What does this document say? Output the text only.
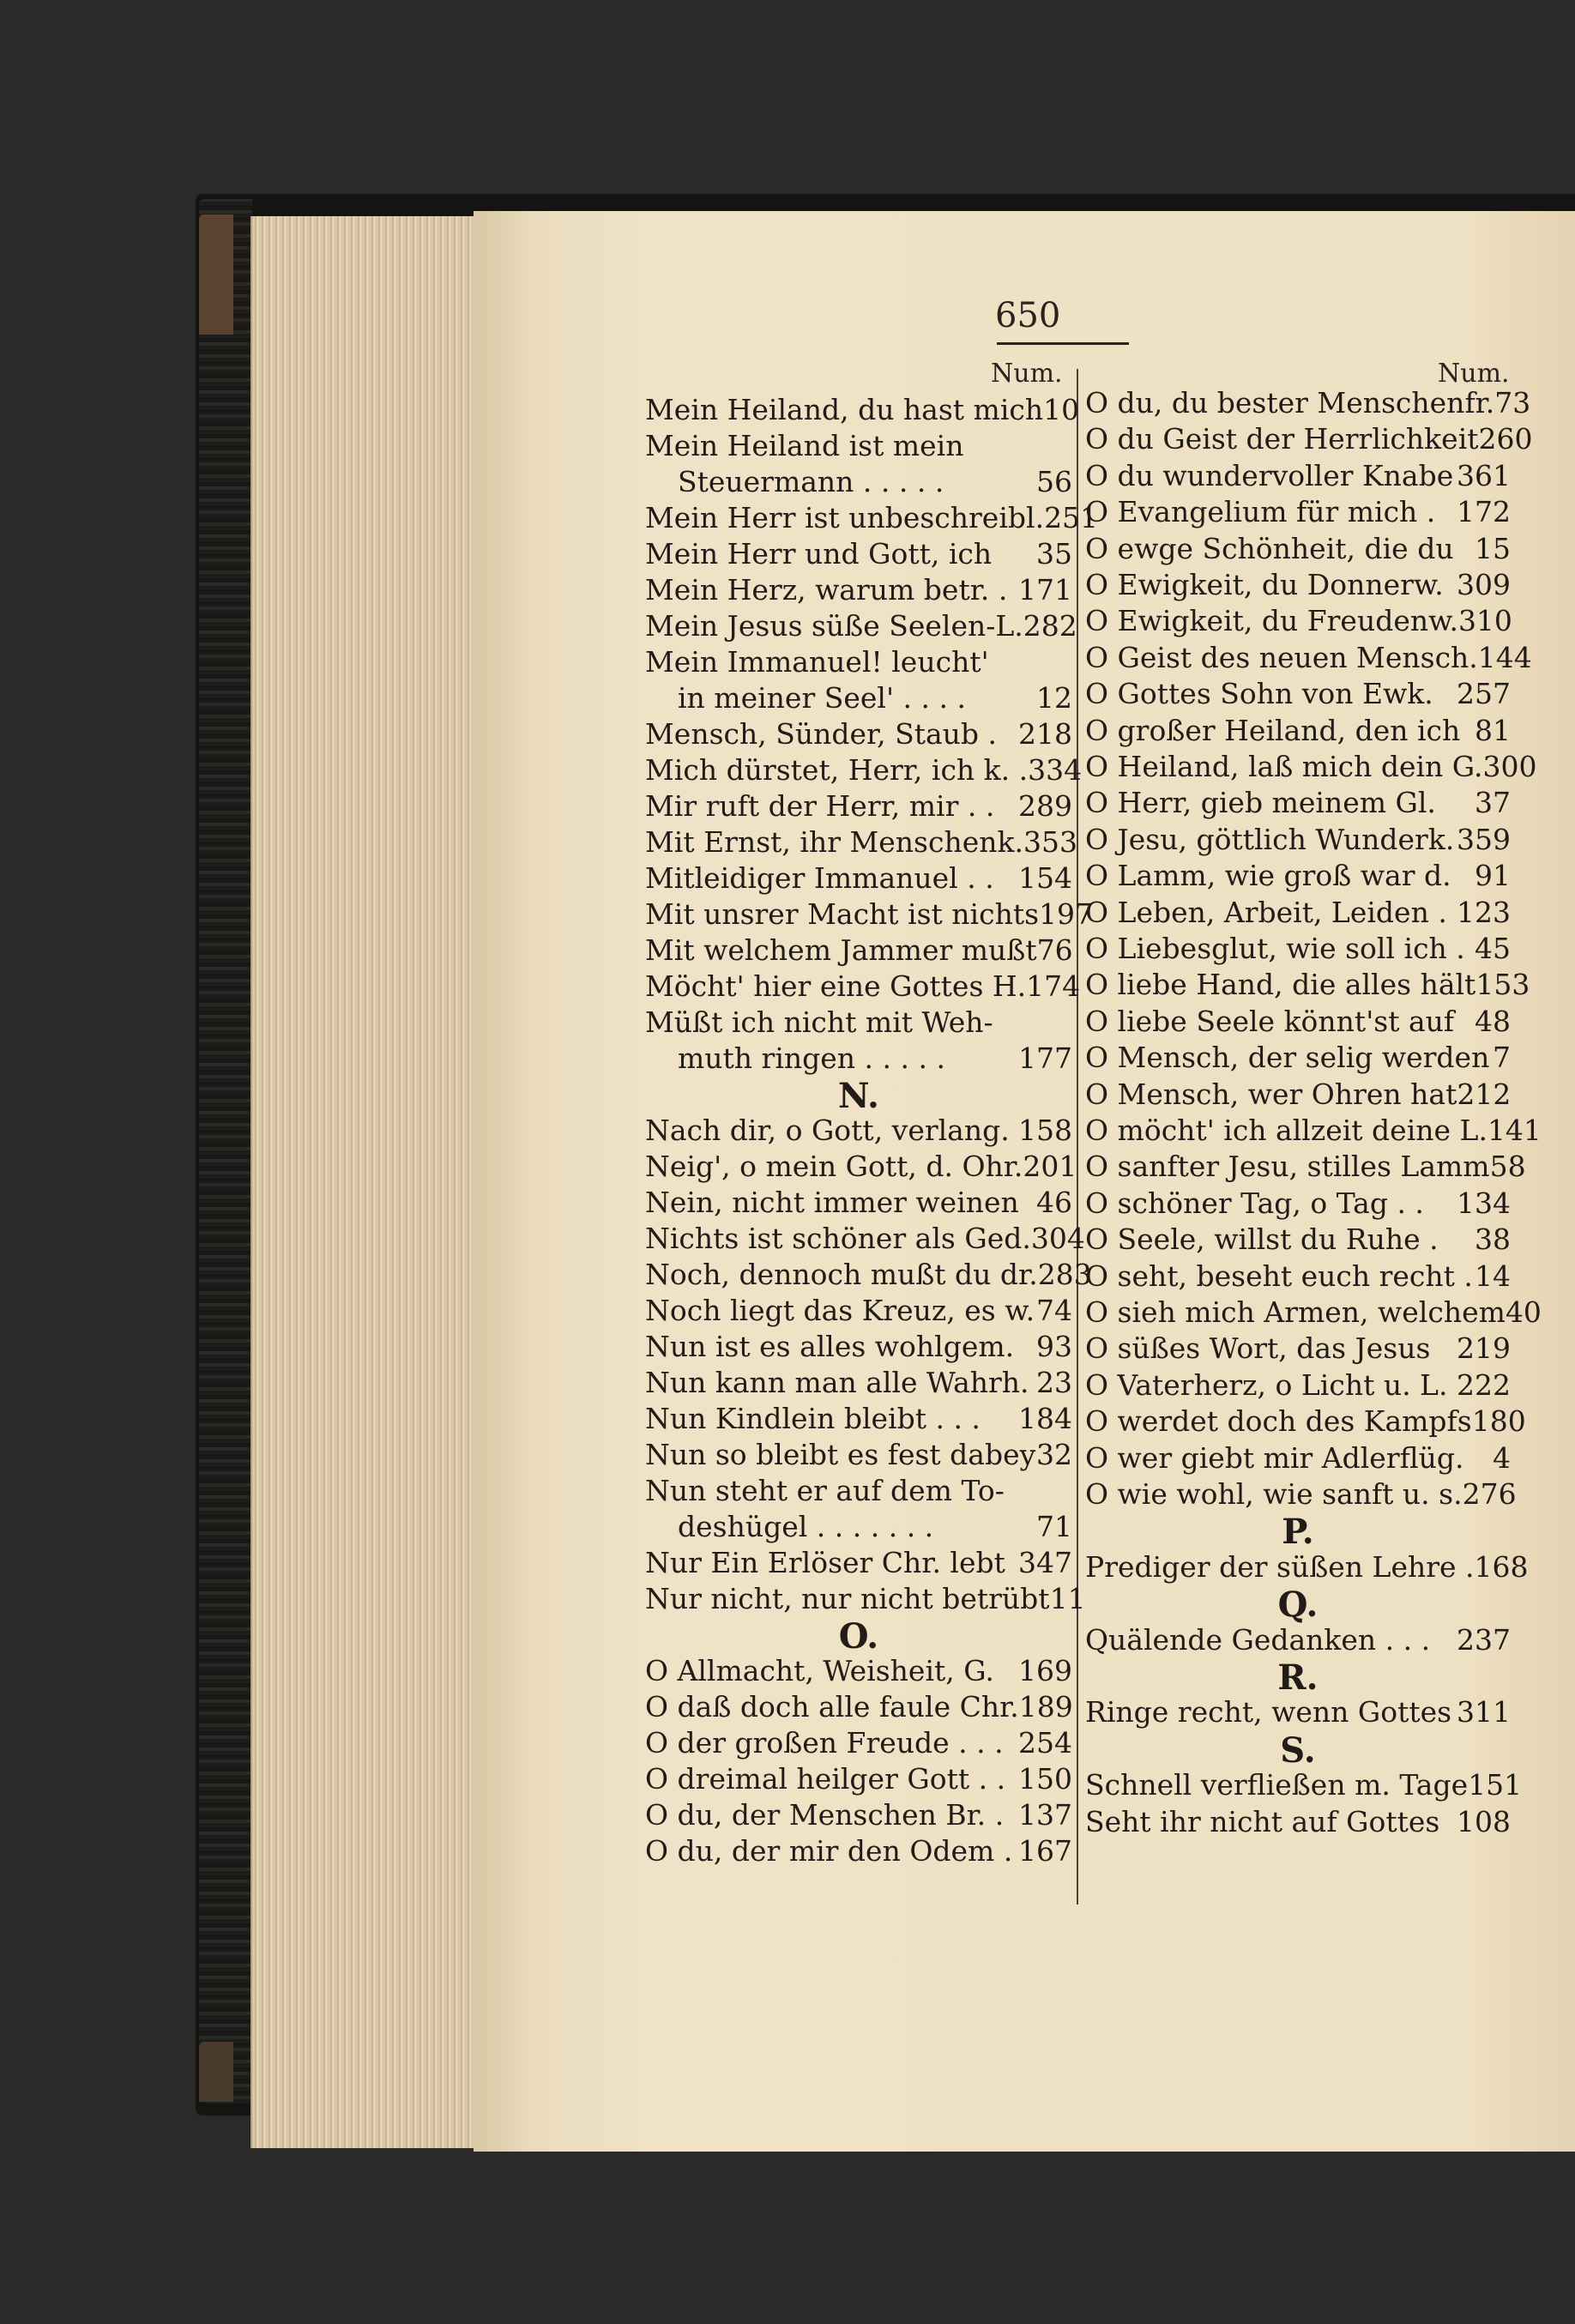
650
Num.	Num.
Mein Heiland, du hast mich 10
Mein Heiland ist mein
Steuermann . . . . .	56
Mein Herr ist unbeschreibl. 251
Mein Herr und Gott, ich	35
Mein Herz, warum betr. . 171
Mein Jesus süße Seelen-L. 282
Mein Immanuel! leucht'
in meiner Seel' . . . .	12
Mensch, Sünder, Staub . 218
Mich dürstet, Herr, ich k. . 334
Mir ruft der Herr, mir . . 289
Mit Ernst, ihr Menschenk. 353
Mitleidiger Immanuel . . 154
Mit unsrer Macht ist nichts 197
Mit welchem Jammer mußt 76
Möcht' hier eine Gottes H. 174
Müßt ich nicht mit Weh-
muth ringen . . . . .	177
N.
Nach dir, o Gott, verlang. 158
Neig', o mein Gott, d. Ohr. 201
Nein, nicht immer weinen 46
Nichts ist schöner als Ged. 304
Noch, dennoch mußt du dr. 283
Noch liegt das Kreuz, es w. 74
Nun ist es alles wohlgem. 93
Nun kann man alle Wahrh. 23
Nun Kindlein bleibt . . .	184
Nun so bleibt es fest dabey 32
Nun steht er auf dem To-
deshügel . . . . . . .	71
Nur Ein Erlöser Chr. lebt 347
Nur nicht, nur nicht betrübt 11
O.
O Allmacht, Weisheit, G. 169
O daß doch alle faule Chr. 189
O der großen Freude . . . 254
O dreimal heilger Gott . . 150
O du, der Menschen Br. . 137
O du, der mir den Odem . 167
O du, du bester Menschenfr. 73
O du Geist der Herrlichkeit 260
O du wundervoller Knabe 361
O Evangelium für mich . 172
O ewge Schönheit, die du 15
O Ewigkeit, du Donnerw. 309
O Ewigkeit, du Freudenw. 310
O Geist des neuen Mensch. 144
O Gottes Sohn von Ewk. 257
O großer Heiland, den ich 81
O Heiland, laß mich dein G. 300
O Herr, gieb meinem Gl.	37
O Jesu, göttlich Wunderk. 359
O Lamm, wie groß war d. 91
O Leben, Arbeit, Leiden . 123
O Liebesglut, wie soll ich . 45
O liebe Hand, die alles hält 153
O liebe Seele könnt'st auf 48
O Mensch, der selig werden 7
O Mensch, wer Ohren hat 212
O möcht' ich allzeit deine L. 141
O sanfter Jesu, stilles Lamm 58
O schöner Tag, o Tag . .	134
O Seele, willst du Ruhe .	38
O seht, beseht euch recht . 14
O sieh mich Armen, welchem 40
O süßes Wort, das Jesus 219
O Vaterherz, o Licht u. L. 222
O werdet doch des Kampfs 180
O wer giebt mir Adlerflüg.	4
O wie wohl, wie sanft u. s. 276
P.
Prediger der süßen Lehre . 168
Q.
Quälende Gedanken . . . 237
R.
Ringe recht, wenn Gottes 311
S.
Schnell verfließen m. Tage 151
Seht ihr nicht auf Gottes 108
